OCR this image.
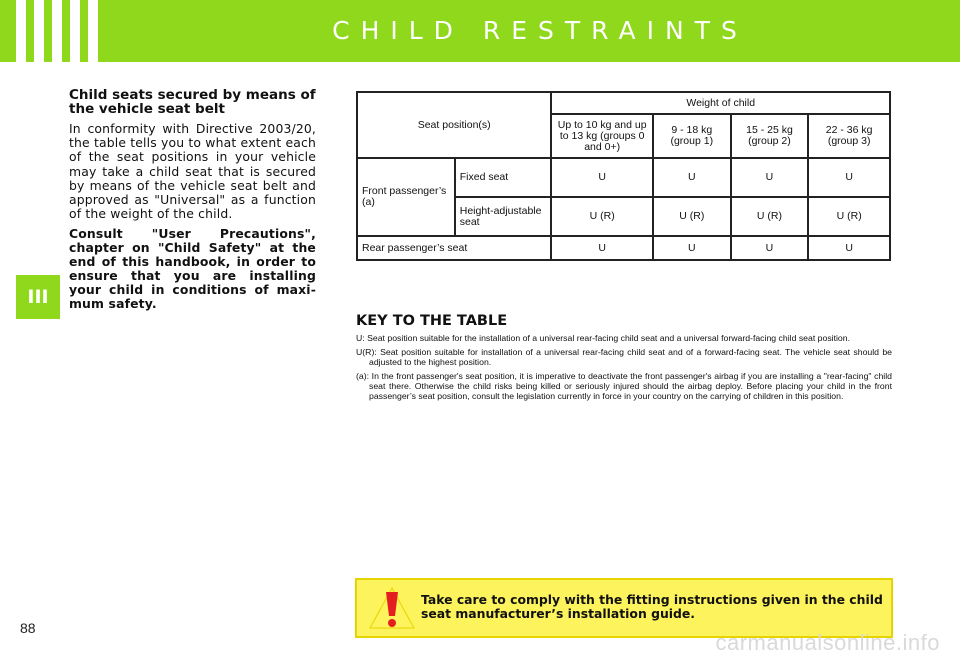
CHILD RESTRAINTS
III

Child seats secured by means of the vehicle seat belt

In conformity with Directive 2003/20, the table tells you to what extent each of the seat positions in your vehicle may take a child seat that is secured by means of the vehicle seat belt and approved as "Universal" as a function of the weight of the child.

Consult "User Precautions", chapter on "Child Safety" at the end of this handbook, in order to ensure that you are installing your child in conditions of maxi-mum safety.

Seat position(s)		Weight of child			
		Up to 10 kg and up to 13 kg (groups 0 and 0+)	9 - 18 kg (group 1)	15 - 25 kg (group 2)	22 - 36 kg (group 3)
Front passenger’s (a)	Fixed seat	U	U	U	U
	Height-adjustable seat	U (R)	U (R)	U (R)	U (R)
Rear passenger’s seat		U	U	U	U

KEY TO THE TABLE

U: Seat position suitable for the installation of a universal rear-facing child seat and a universal forward-facing child seat position.

U(R): Seat position suitable for installation of a universal rear-facing child seat and of a forward-facing seat. The vehicle seat should be adjusted to the highest position.

(a): In the front passenger's seat position, it is imperative to deactivate the front passenger's airbag if you are installing a "rear-facing" child seat there. Otherwise the child risks being killed or seriously injured should the airbag deploy. Before placing your child in the front passenger’s seat position, consult the legislation currently in force in your country on the carrying of children in this position.

Take care to comply with the fitting instructions given in the child seat manufacturer’s installation guide.
88
carmanualsonline.info
